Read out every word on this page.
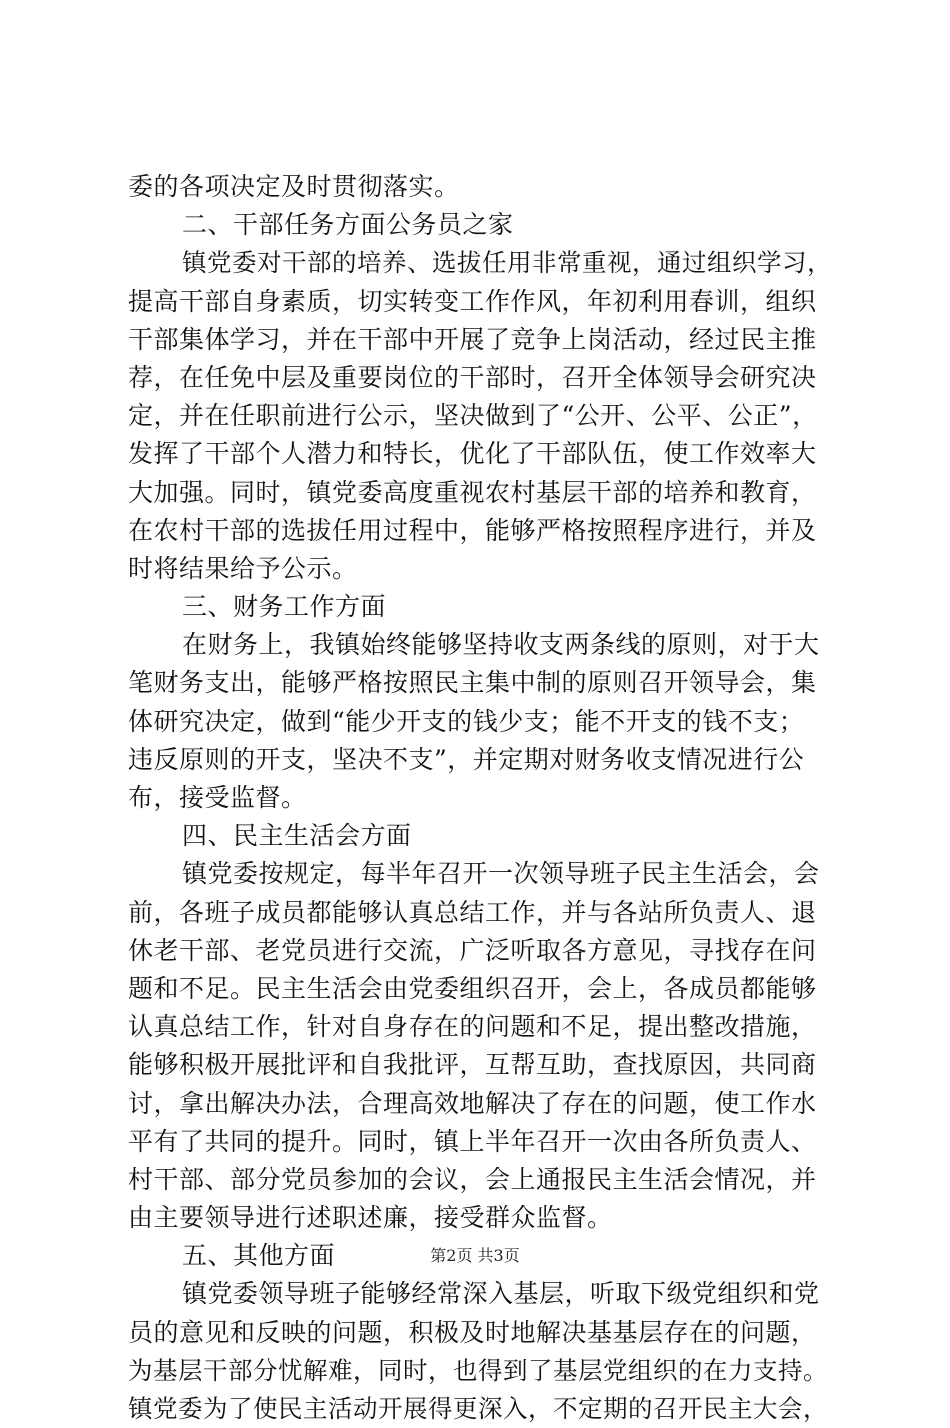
委的各项决定及时贯彻落实。
二、干部任务方面公务员之家
镇党委对干部的培养、选拔任用非常重视，通过组织学习，
提高干部自身素质，切实转变工作作风，年初利用春训，组织
干部集体学习，并在干部中开展了竞争上岗活动，经过民主推
荐，在任免中层及重要岗位的干部时，召开全体领导会研究决
定，并在任职前进行公示，坚决做到了“公开、公平、公正”，
发挥了干部个人潜力和特长，优化了干部队伍，使工作效率大
大加强。同时，镇党委高度重视农村基层干部的培养和教育，
在农村干部的选拔任用过程中，能够严格按照程序进行，并及
时将结果给予公示。
三、财务工作方面
在财务上，我镇始终能够坚持收支两条线的原则，对于大
笔财务支出，能够严格按照民主集中制的原则召开领导会，集
体研究决定，做到“能少开支的钱少支；能不开支的钱不支；
违反原则的开支，坚决不支”，并定期对财务收支情况进行公
布，接受监督。
四、民主生活会方面
镇党委按规定，每半年召开一次领导班子民主生活会，会
前，各班子成员都能够认真总结工作，并与各站所负责人、退
休老干部、老党员进行交流，广泛听取各方意见，寻找存在问
题和不足。民主生活会由党委组织召开，会上，各成员都能够
认真总结工作，针对自身存在的问题和不足，提出整改措施，
能够积极开展批评和自我批评，互帮互助，查找原因，共同商
讨，拿出解决办法，合理高效地解决了存在的问题，使工作水
平有了共同的提升。同时，镇上半年召开一次由各所负责人、
村干部、部分党员参加的会议，会上通报民主生活会情况，并
由主要领导进行述职述廉，接受群众监督。
五、其他方面
镇党委领导班子能够经常深入基层，听取下级党组织和党
员的意见和反映的问题，积极及时地解决基基层存在的问题，
为基层干部分忧解难，同时，也得到了基层党组织的在力支持。
镇党委为了使民主活动开展得更深入，不定期的召开民主大会，
第2页 共3页
